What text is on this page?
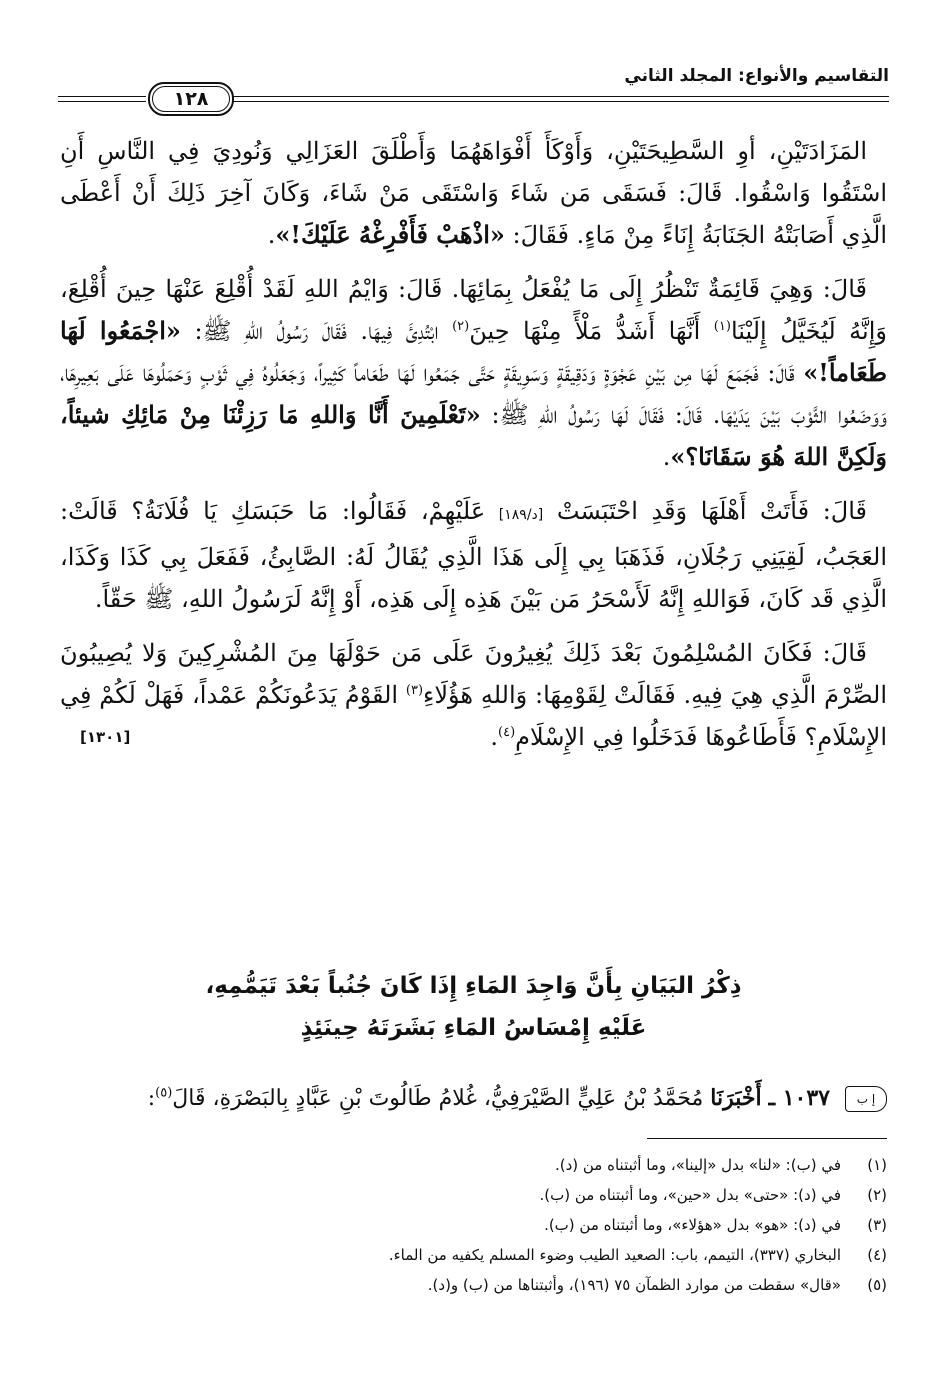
التقاسيم والأنواع: المجلد الثاني
١٢٨

المَزَادَتَيْنِ، أوِ السَّطِيحَتَيْنِ، وَأَوْكَأَ أَفْوَاهَهُمَا وَأَطْلَقَ العَزَالِي وَنُودِيَ فِي النَّاسِ أَنِ اسْتَقُوا وَاسْقُوا. قَالَ: فَسَقَى مَن شَاءَ وَاسْتَقَى مَنْ شَاءَ، وَكَانَ آخِرَ ذَلِكَ أَنْ أَعْطَى الَّذِي أَصَابَتْهُ الجَنَابَةُ إِنَاءً مِنْ مَاءٍ. فَقَالَ: «اذْهَبْ فَأَفْرِغْهُ عَلَيْكَ!».

قَالَ: وَهِيَ قَائِمَةٌ تَنْظُرُ إِلَى مَا يُفْعَلُ بِمَائِهَا. قَالَ: وَايْمُ اللهِ لَقَدْ أُقْلِعَ عَنْهَا حِينَ أُقْلِعَ، وَإِنَّهُ لَيُخَيَّلُ إِلَيْنَا$^{(١)}$ أَنَّهَا أَشَدُّ مَلْأً مِنْهَا حِينَ$^{(٢)}$ ابْتُدِئَ فِيهَا. فَقَالَ رَسُولُ اللهِ ﷺ: «اجْمَعُوا لَهَا طَعَاماً!» قَالَ: فَجَمَعَ لَهَا مِن بَيْنِ عَجْوَةٍ وَدَقِيقَةٍ وَسَوِيقَةٍ حَتَّى جَمَعُوا لَهَا طَعَاماً كَثِيراً، وَجَعَلُوهُ فِي ثَوْبٍ وَحَمَلُوهَا عَلَى بَعِيرِهَا، وَوَضَعُوا الثَّوْبَ بَيْنَ يَدَيْهَا. قَالَ: فَقَالَ لَهَا رَسُولُ اللهِ ﷺ: «تَعْلَمِينَ أَنَّا وَاللهِ مَا رَزِئْنَا مِنْ مَائِكِ شيئاً، وَلَكِنَّ اللهَ هُوَ سَقَانَا؟».

قَالَ: فَأَتَتْ أَهْلَهَا وَقَدِ احْتَبَسَتْ [د/١٨٩] عَلَيْهِمْ، فَقَالُوا: مَا حَبَسَكِ يَا فُلَانَةُ؟ قَالَتْ: العَجَبُ، لَقِيَنِي رَجُلَانِ، فَذَهَبَا بِي إِلَى هَذَا الَّذِي يُقَالُ لَهُ: الصَّابِئُ، فَفَعَلَ بِي كَذَا وَكَذَا، الَّذِي قَد كَانَ، فَوَاللهِ إِنَّهُ لَأَسْحَرُ مَن بَيْنَ هَذِه إِلَى هَذِه، أَوْ إِنَّهُ لَرَسُولُ اللهِ، ﷺ حَقّاً.

قَالَ: فَكَانَ المُسْلِمُونَ بَعْدَ ذَلِكَ يُغِيرُونَ عَلَى مَن حَوْلَهَا مِنَ المُشْرِكِينَ وَلا يُصِيبُونَ الصِّرْمَ الَّذِي هِيَ فِيهِ. فَقَالَتْ لِقَوْمِهَا: وَاللهِ هَؤُلَاءِ$^{(٣)}$ القَوْمُ يَدَعُونَكُمْ عَمْداً، فَهَلْ لَكُمْ فِي الإِسْلَامِ؟ فَأَطَاعُوهَا فَدَخَلُوا فِي الإِسْلَامِ$^{(٤)}$.
[١٣٠١]

ذِكْرُ البَيَانِ بِأَنَّ وَاجِدَ المَاءِ إِذَا كَانَ جُنُباً بَعْدَ تَيَمُّمِهِ،
عَلَيْهِ إِمْسَاسُ المَاءِ بَشَرَتَهُ حِينَئِذٍ
إ ب ١٠٣٧ ـ أَخْبَرَنَا مُحَمَّدُ بْنُ عَلِيٍّ الصَّيْرَفِيُّ، غُلامُ طَالُوتَ بْنِ عَبَّادٍ بِالبَصْرَةِ، قَالَ$^{(٥)}$:
(١)
في (ب): «لنا» بدل «إلينا»، وما أثبتناه من (د).
(٢)
في (د): «حتى» بدل «حين»، وما أثبتناه من (ب).
(٣)
في (د): «هو» بدل «هؤلاء»، وما أثبتناه من (ب).
(٤)
البخاري (٣٣٧)، التيمم، باب: الصعيد الطيب وضوء المسلم يكفيه من الماء.
(٥)
«قال» سقطت من موارد الظمآن ٧٥ (١٩٦)، وأثبتناها من (ب) و(د).
